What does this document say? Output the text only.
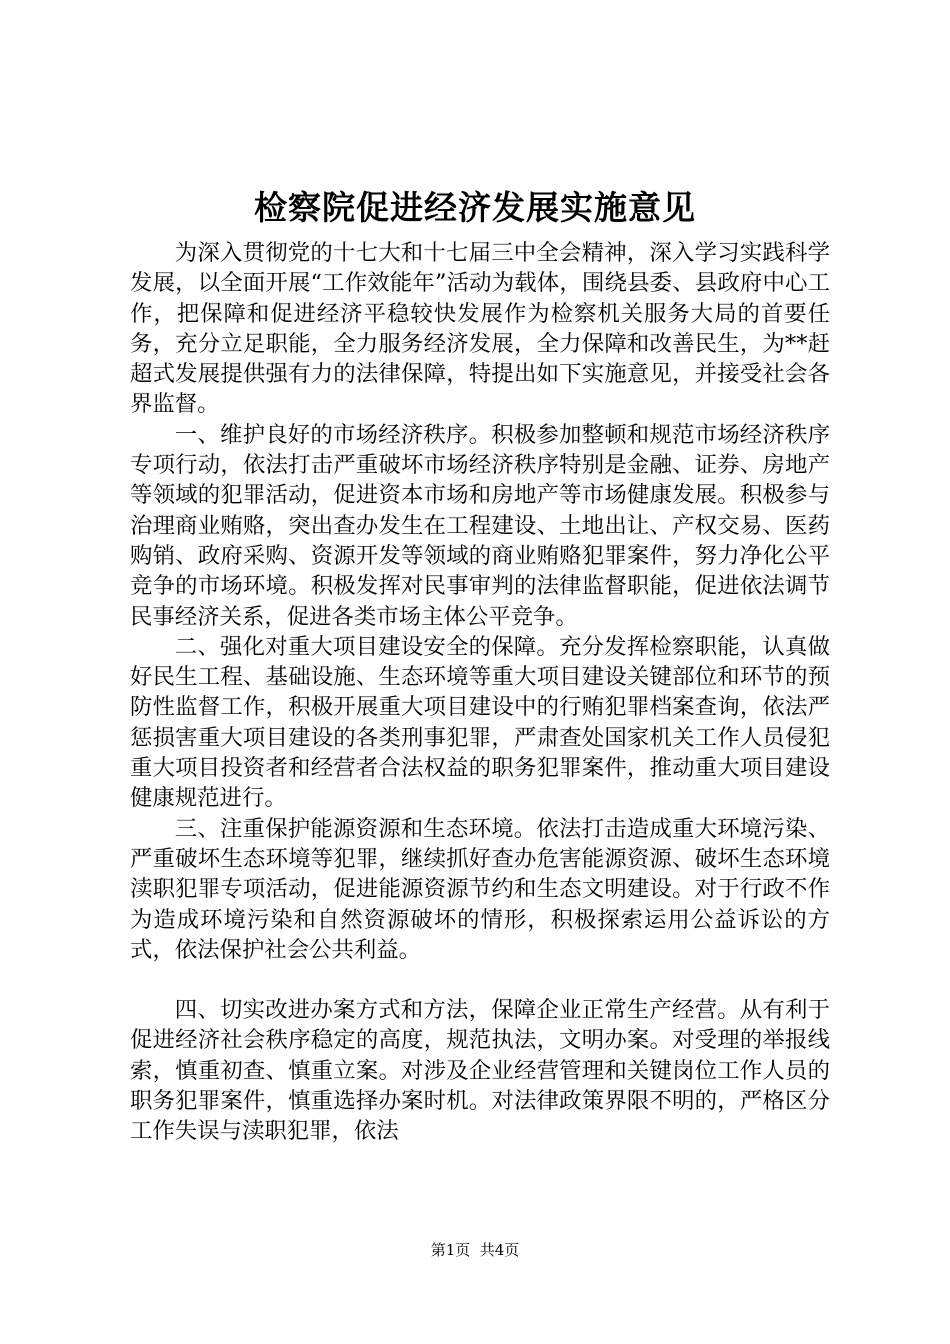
检察院促进经济发展实施意见

为深入贯彻党的十七大和十七届三中全会精神，深入学习实践科学发展，以全面开展“工作效能年”活动为载体，围绕县委、县政府中心工作，把保障和促进经济平稳较快发展作为检察机关服务大局的首要任务，充分立足职能，全力服务经济发展，全力保障和改善民生，为**赶超式发展提供强有力的法律保障，特提出如下实施意见，并接受社会各界监督。

一、维护良好的市场经济秩序。积极参加整顿和规范市场经济秩序专项行动，依法打击严重破坏市场经济秩序特别是金融、证券、房地产等领域的犯罪活动，促进资本市场和房地产等市场健康发展。积极参与治理商业贿赂，突出查办发生在工程建设、土地出让、产权交易、医药购销、政府采购、资源开发等领域的商业贿赂犯罪案件，努力净化公平竞争的市场环境。积极发挥对民事审判的法律监督职能，促进依法调节民事经济关系，促进各类市场主体公平竞争。

二、强化对重大项目建设安全的保障。充分发挥检察职能，认真做好民生工程、基础设施、生态环境等重大项目建设关键部位和环节的预防性监督工作，积极开展重大项目建设中的行贿犯罪档案查询，依法严惩损害重大项目建设的各类刑事犯罪，严肃查处国家机关工作人员侵犯重大项目投资者和经营者合法权益的职务犯罪案件，推动重大项目建设健康规范进行。

三、注重保护能源资源和生态环境。依法打击造成重大环境污染、严重破坏生态环境等犯罪，继续抓好查办危害能源资源、破坏生态环境渎职犯罪专项活动，促进能源资源节约和生态文明建设。对于行政不作为造成环境污染和自然资源破坏的情形，积极探索运用公益诉讼的方式，依法保护社会公共利益。

四、切实改进办案方式和方法，保障企业正常生产经营。从有利于促进经济社会秩序稳定的高度，规范执法，文明办案。对受理的举报线索，慎重初查、慎重立案。对涉及企业经营管理和关键岗位工作人员的职务犯罪案件，慎重选择办案时机。对法律政策界限不明的，严格区分工作失误与渎职犯罪，依法

第1页  共4页
